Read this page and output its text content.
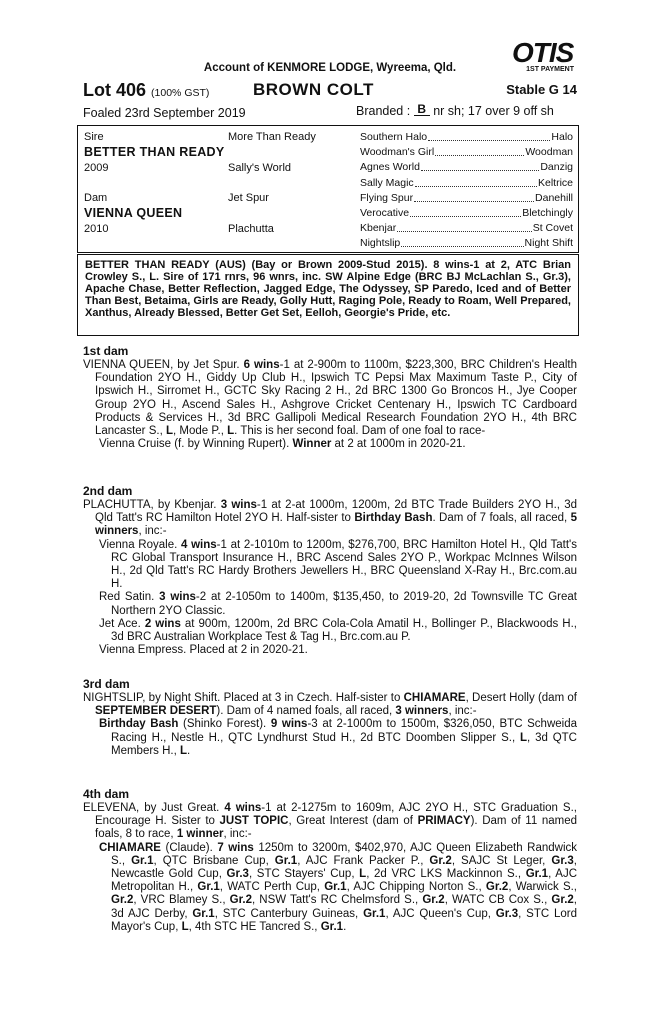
OTIS
1ST PAYMENT
Account of KENMORE LODGE, Wyreema, Qld.
Lot 406 (100% GST)	BROWN COLT	Stable G 14
Foaled 23rd September 2019	Branded : B nr sh; 17 over 9 off sh
Sire
BETTER THAN READY
2009
More Than Ready
Sally's World
Dam
VIENNA QUEEN
2010
Jet Spur
Plachutta
Southern Halo	Halo
Woodman's Girl	Woodman
Agnes World	Danzig
Sally Magic	Keltrice
Flying Spur	Danehill
Verocative	Bletchingly
Kbenjar	St Covet
Nightslip	Night Shift

BETTER THAN READY (AUS) (Bay or Brown 2009-Stud 2015). 8 wins-1 at 2, ATC Brian Crowley S., L. Sire of 171 rnrs, 96 wnrs, inc. SW Alpine Edge (BRC BJ McLachlan S., Gr.3), Apache Chase, Better Reflection, Jagged Edge, The Odyssey, SP Paredo, Iced and of Better Than Best, Betaima, Girls are Ready, Golly Hutt, Raging Pole, Ready to Roam, Well Prepared, Xanthus, Already Blessed, Better Get Set, Eelloh, Georgie's Pride, etc.

1st dam

VIENNA QUEEN, by Jet Spur. 6 wins-1 at 2-900m to 1100m, $223,300, BRC Children's Health Foundation 2YO H., Giddy Up Club H., Ipswich TC Pepsi Max Maximum Taste P., City of Ipswich H., Sirromet H., GCTC Sky Racing 2 H., 2d BRC 1300 Go Broncos H., Jye Cooper Group 2YO H., Ascend Sales H., Ashgrove Cricket Centenary H., Ipswich TC Cardboard Products & Services H., 3d BRC Gallipoli Medical Research Foundation 2YO H., 4th BRC Lancaster S., L, Mode P., L. This is her second foal. Dam of one foal to race-

Vienna Cruise (f. by Winning Rupert). Winner at 2 at 1000m in 2020-21.

2nd dam

PLACHUTTA, by Kbenjar. 3 wins-1 at 2-at 1000m, 1200m, 2d BTC Trade Builders 2YO H., 3d Qld Tatt's RC Hamilton Hotel 2YO H. Half-sister to Birthday Bash. Dam of 7 foals, all raced, 5 winners, inc:-

Vienna Royale. 4 wins-1 at 2-1010m to 1200m, $276,700, BRC Hamilton Hotel H., Qld Tatt's RC Global Transport Insurance H., BRC Ascend Sales 2YO P., Workpac McInnes Wilson H., 2d Qld Tatt's RC Hardy Brothers Jewellers H., BRC Queensland X-Ray H., Brc.com.au H.

Red Satin. 3 wins-2 at 2-1050m to 1400m, $135,450, to 2019-20, 2d Townsville TC Great Northern 2YO Classic.

Jet Ace. 2 wins at 900m, 1200m, 2d BRC Cola-Cola Amatil H., Bollinger P., Blackwoods H., 3d BRC Australian Workplace Test & Tag H., Brc.com.au P.

Vienna Empress. Placed at 2 in 2020-21.

3rd dam

NIGHTSLIP, by Night Shift. Placed at 3 in Czech. Half-sister to CHIAMARE, Desert Holly (dam of SEPTEMBER DESERT). Dam of 4 named foals, all raced, 3 winners, inc:-

Birthday Bash (Shinko Forest). 9 wins-3 at 2-1000m to 1500m, $326,050, BTC Schweida Racing H., Nestle H., QTC Lyndhurst Stud H., 2d BTC Doomben Slipper S., L, 3d QTC Members H., L.

4th dam

ELEVENA, by Just Great. 4 wins-1 at 2-1275m to 1609m, AJC 2YO H., STC Graduation S., Encourage H. Sister to JUST TOPIC, Great Interest (dam of PRIMACY). Dam of 11 named foals, 8 to race, 1 winner, inc:-

CHIAMARE (Claude). 7 wins 1250m to 3200m, $402,970, AJC Queen Elizabeth Randwick S., Gr.1, QTC Brisbane Cup, Gr.1, AJC Frank Packer P., Gr.2, SAJC St Leger, Gr.3, Newcastle Gold Cup, Gr.3, STC Stayers' Cup, L, 2d VRC LKS Mackinnon S., Gr.1, AJC Metropolitan H., Gr.1, WATC Perth Cup, Gr.1, AJC Chipping Norton S., Gr.2, Warwick S., Gr.2, VRC Blamey S., Gr.2, NSW Tatt's RC Chelmsford S., Gr.2, WATC CB Cox S., Gr.2, 3d AJC Derby, Gr.1, STC Canterbury Guineas, Gr.1, AJC Queen's Cup, Gr.3, STC Lord Mayor's Cup, L, 4th STC HE Tancred S., Gr.1.
